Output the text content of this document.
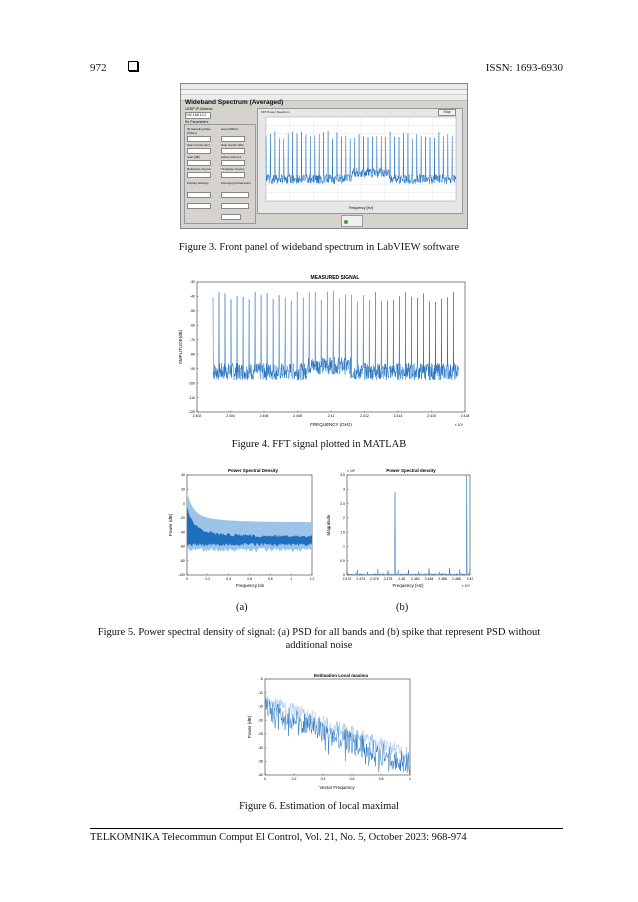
972	ISSN: 1693-6930
Wideband Spectrum (Averaged)
USRP IP Address
192.168.10.2
Rx Parameters
IQ Sampling Rate [S/Sec]
step [stMHz]
Start Carrier [Hz]	Stop Carrier [Hz]
Gain [dB]	Active Antenna
Reference Source	Timebase Source
Display Settings	Averaging Parameters
FFT Power Spectrum	Stop
Frequency [Hz]
Figure 3. Front panel of wideband spectrum in LabVIEW software
MEASURED SIGNAL
-30
-40
-50
-60
-70
-80
-90
-100
-110
-120
2.402	2.404	2.406	2.408	2.41	2.412	2.414	2.416	2.418
FREQUENCY (GHz)	× 10⁹
AMPLITUDE(dB)
Figure 4. FFT signal plotted in MATLAB
Power Spectral Density
40
20
0
-20
-40
-60
-80
-100
0	0.2	0.4	0.6	0.8	1	1.2
Frequency bin
Power (dB)
Power Spectral density
× 10⁵
3.5
3
2.5
2
1.5
1
0.5
0
2.472 2.474 2.476 2.478 2.48 2.482 2.484 2.486 2.488 2.49
Frequency (Hz)	× 10⁹
Magnitude
(a)	(b)
Figure 5. Power spectral density of signal: (a) PSD for all bands and (b) spike that represent PSD without
additional noise
Estimation Local maxima
-5
-10
-15
-20
-25
-30
-35
-40
0	0.2	0.4	0.6	0.8	1
Vector Frequency
Power (dB)
Figure 6. Estimation of local maximal
TELKOMNIKA Telecommun Comput El Control, Vol. 21, No. 5, October 2023: 968-974
